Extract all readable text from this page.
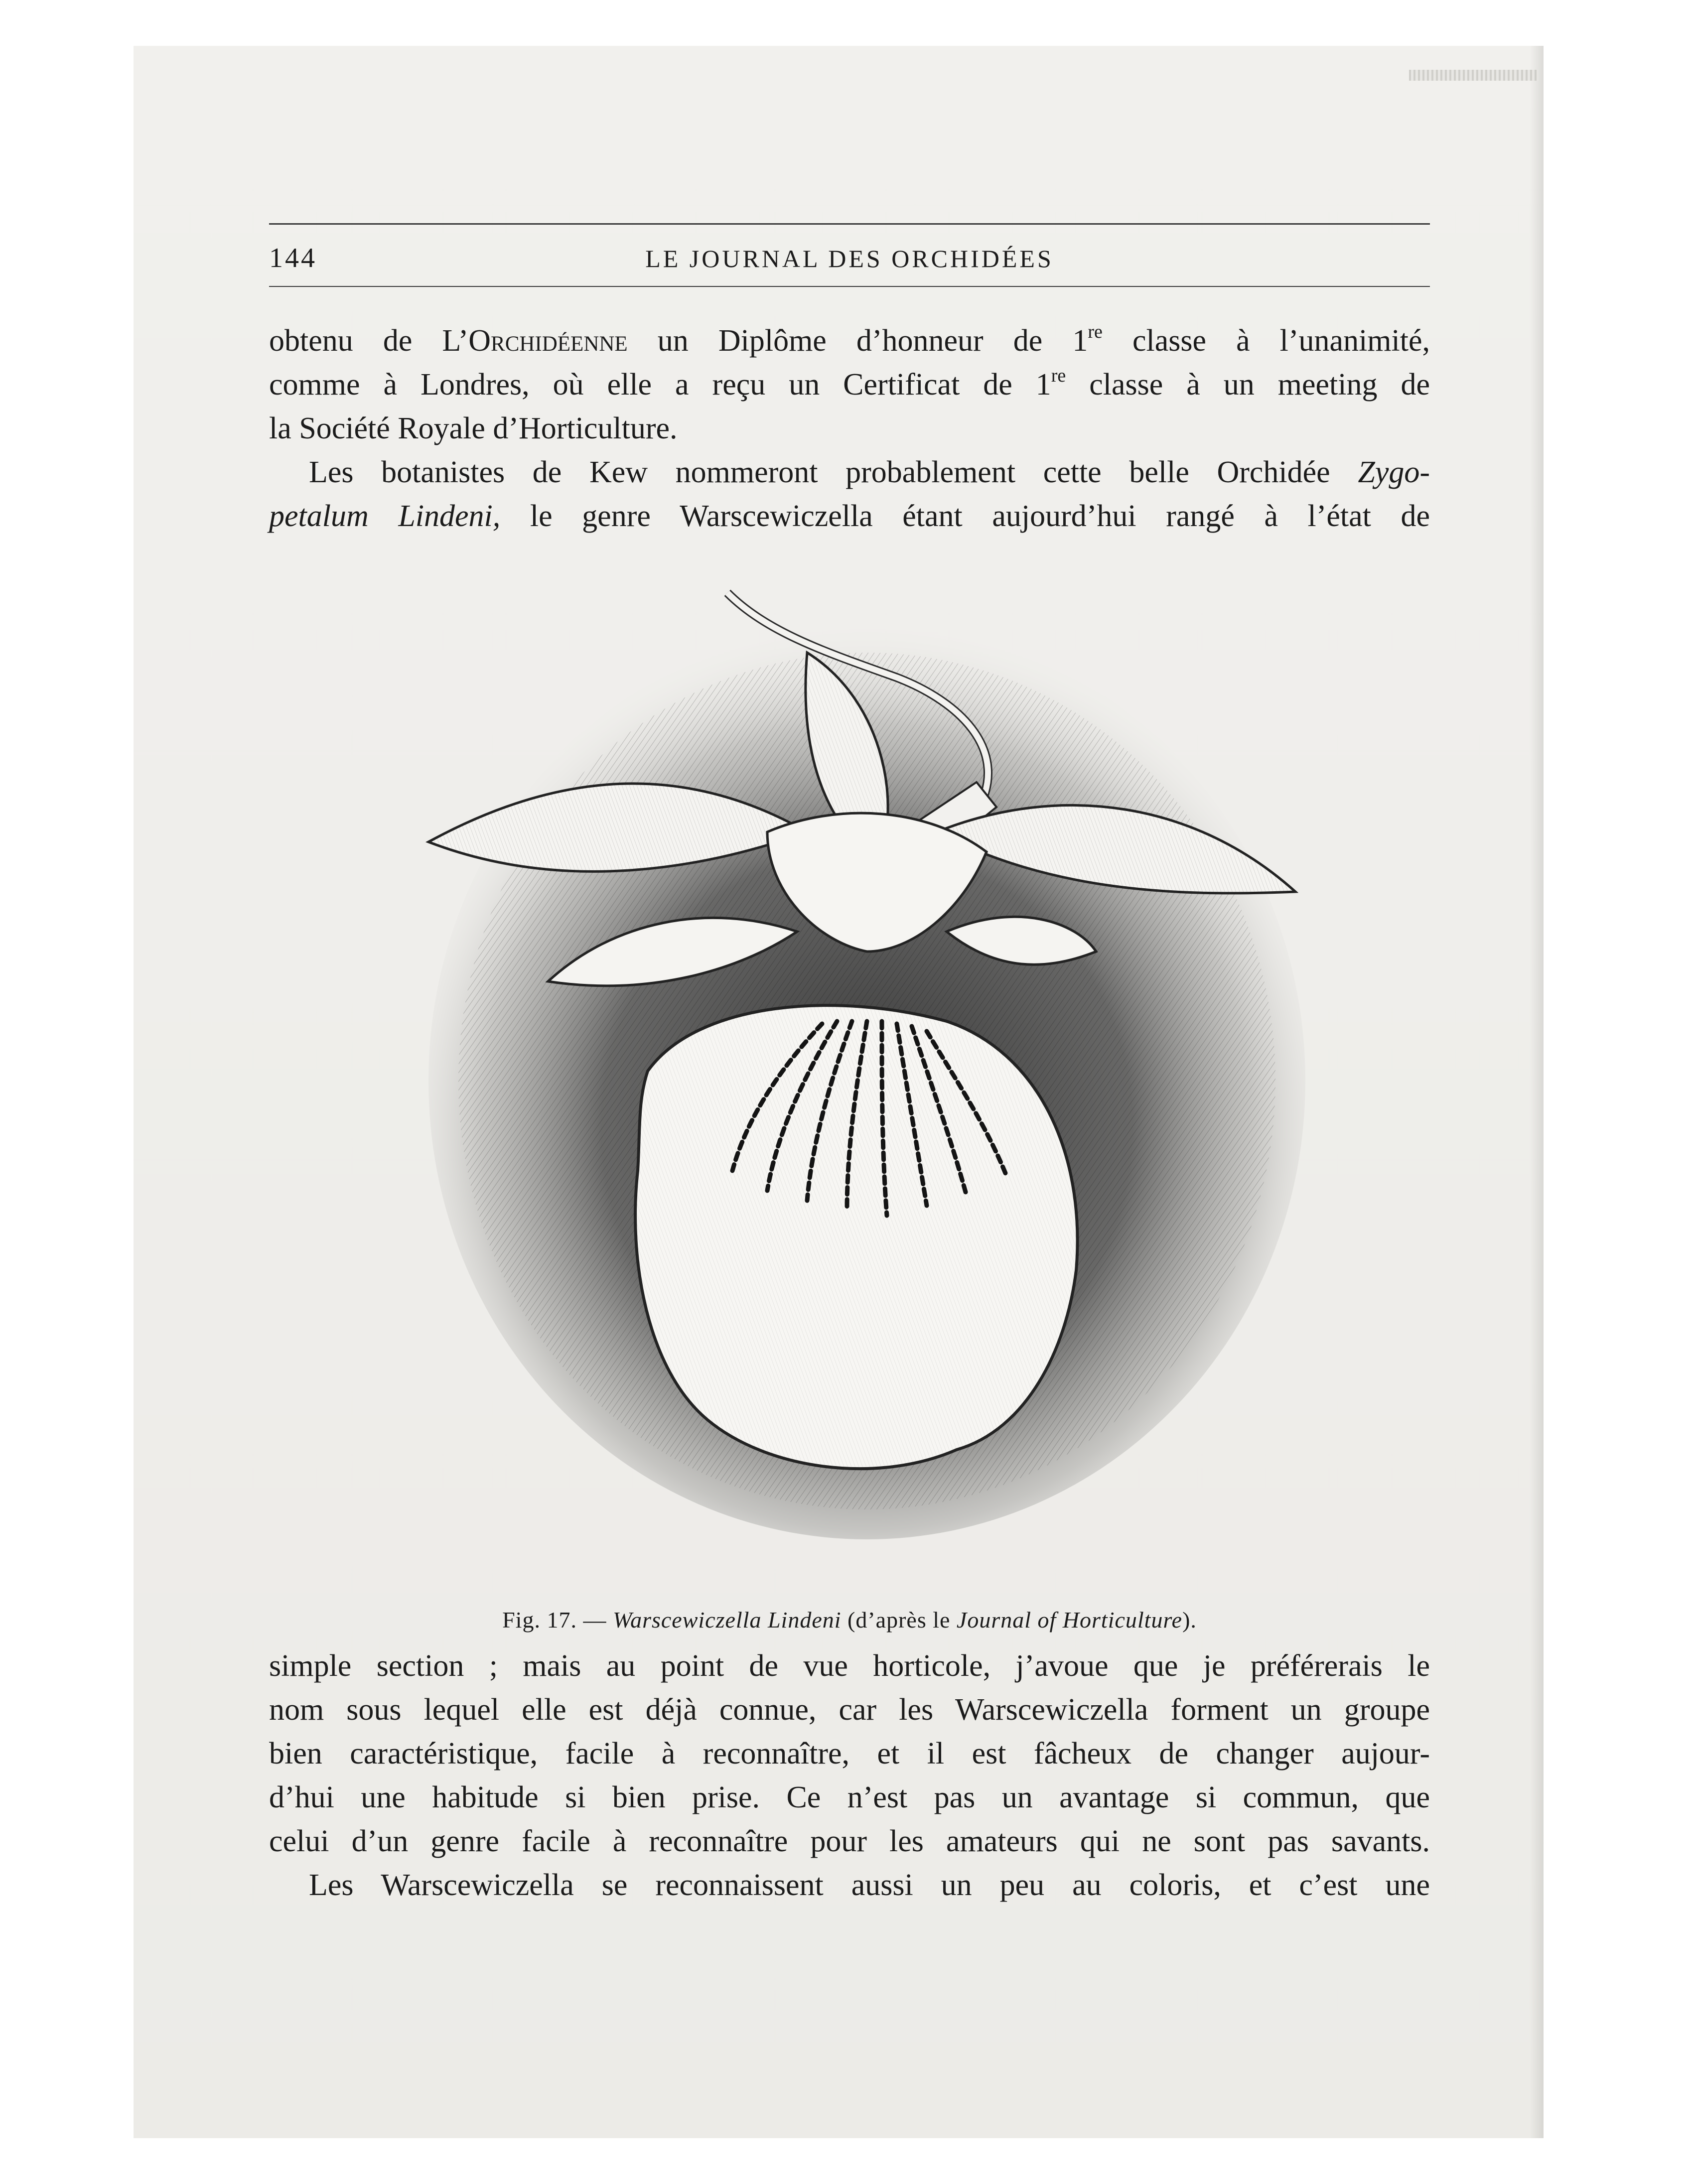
144	LE JOURNAL DES ORCHIDÉES
obtenu de L’Orchidéenne un Diplôme d’honneur de 1re classe à l’unanimité,
comme à Londres, où elle a reçu un Certificat de 1re classe à un meeting de
la Société Royale d’Horticulture.
Les botanistes de Kew nommeront probablement cette belle Orchidée Zygo-
petalum Lindeni, le genre Warscewiczella étant aujourd’hui rangé à l’état de
Fig. 17. — Warscewiczella Lindeni (d’après le Journal of Horticulture).
simple section ; mais au point de vue horticole, j’avoue que je préférerais le
nom sous lequel elle est déjà connue, car les Warscewiczella forment un groupe
bien caractéristique, facile à reconnaître, et il est fâcheux de changer aujour-
d’hui une habitude si bien prise. Ce n’est pas un avantage si commun, que
celui d’un genre facile à reconnaître pour les amateurs qui ne sont pas savants.
Les Warscewiczella se reconnaissent aussi un peu au coloris, et c’est une
